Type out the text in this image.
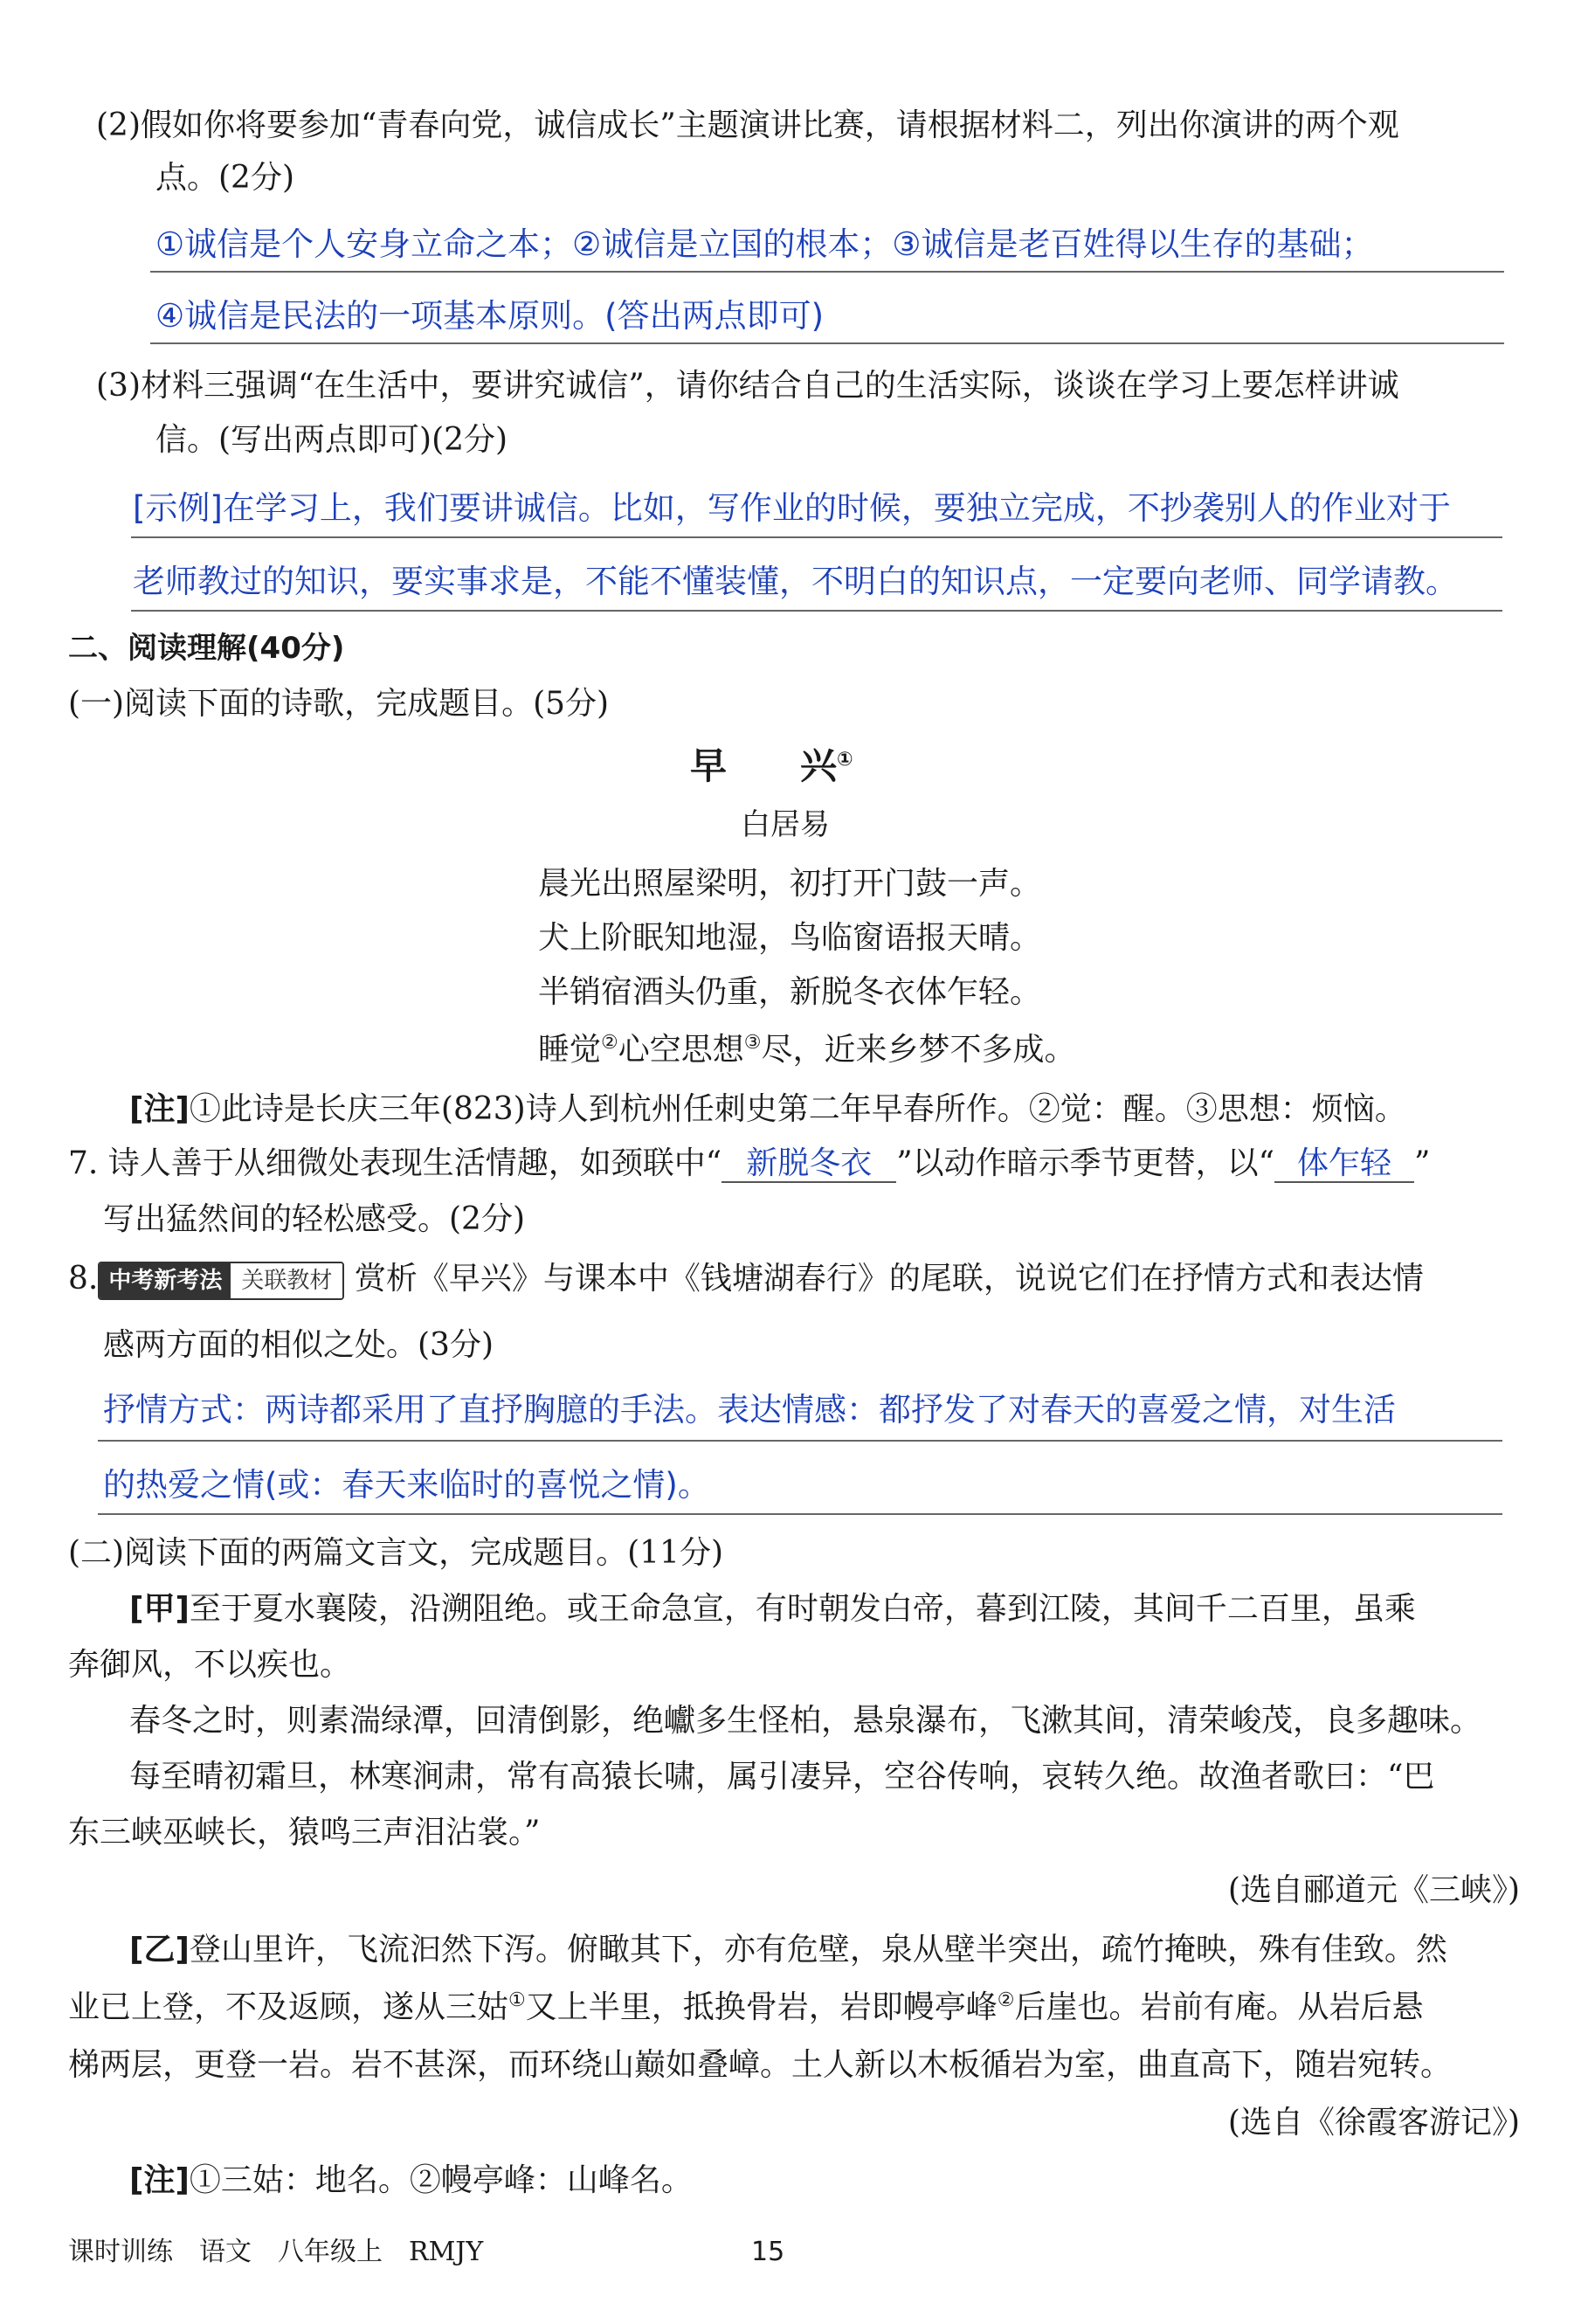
(2)假如你将要参加“青春向党，诚信成长”主题演讲比赛，请根据材料二，列出你演讲的两个观
点。(2分)
①诚信是个人安身立命之本；②诚信是立国的根本；③诚信是老百姓得以生存的基础；
④诚信是民法的一项基本原则。(答出两点即可)
(3)材料三强调“在生活中，要讲究诚信”，请你结合自己的生活实际，谈谈在学习上要怎样讲诚
信。(写出两点即可)(2分)
[示例]在学习上，我们要讲诚信。比如，写作业的时候，要独立完成，不抄袭别人的作业对于
老师教过的知识，要实事求是，不能不懂装懂，不明白的知识点，一定要向老师、同学请教。
二、阅读理解(40分)
(一)阅读下面的诗歌，完成题目。(5分)
早　　兴①
白居易
晨光出照屋梁明，初打开门鼓一声。
犬上阶眠知地湿，鸟临窗语报天晴。
半销宿酒头仍重，新脱冬衣体乍轻。
睡觉②心空思想③尽，近来乡梦不多成。
[注]①此诗是长庆三年(823)诗人到杭州任刺史第二年早春所作。②觉：醒。③思想：烦恼。
7. 诗人善于从细微处表现生活情趣，如颈联中“ 新脱冬衣 ”以动作暗示季节更替，以“ 体乍轻 ”
写出猛然间的轻松感受。(2分)
8. 中考新考法 关联教材 赏析《早兴》与课本中《钱塘湖春行》的尾联，说说它们在抒情方式和表达情
感两方面的相似之处。(3分)
抒情方式：两诗都采用了直抒胸臆的手法。表达情感：都抒发了对春天的喜爱之情，对生活
的热爱之情(或：春天来临时的喜悦之情)。
(二)阅读下面的两篇文言文，完成题目。(11分)
[甲]至于夏水襄陵，沿溯阻绝。或王命急宣，有时朝发白帝，暮到江陵，其间千二百里，虽乘
奔御风，不以疾也。
春冬之时，则素湍绿潭，回清倒影，绝巘多生怪柏，悬泉瀑布，飞漱其间，清荣峻茂，良多趣味。
每至晴初霜旦，林寒涧肃，常有高猿长啸，属引凄异，空谷传响，哀转久绝。故渔者歌曰：“巴
东三峡巫峡长，猿鸣三声泪沾裳。”
(选自郦道元《三峡》)
[乙]登山里许，飞流汩然下泻。俯瞰其下，亦有危壁，泉从壁半突出，疏竹掩映，殊有佳致。然
业已上登，不及返顾，遂从三姑①又上半里，抵换骨岩，岩即幔亭峰②后崖也。岩前有庵。从岩后悬
梯两层，更登一岩。岩不甚深，而环绕山巅如叠嶂。土人新以木板循岩为室，曲直高下，随岩宛转。
(选自《徐霞客游记》)
[注]①三姑：地名。②幔亭峰：山峰名。
课时训练　语文　八年级上　RMJY	15
